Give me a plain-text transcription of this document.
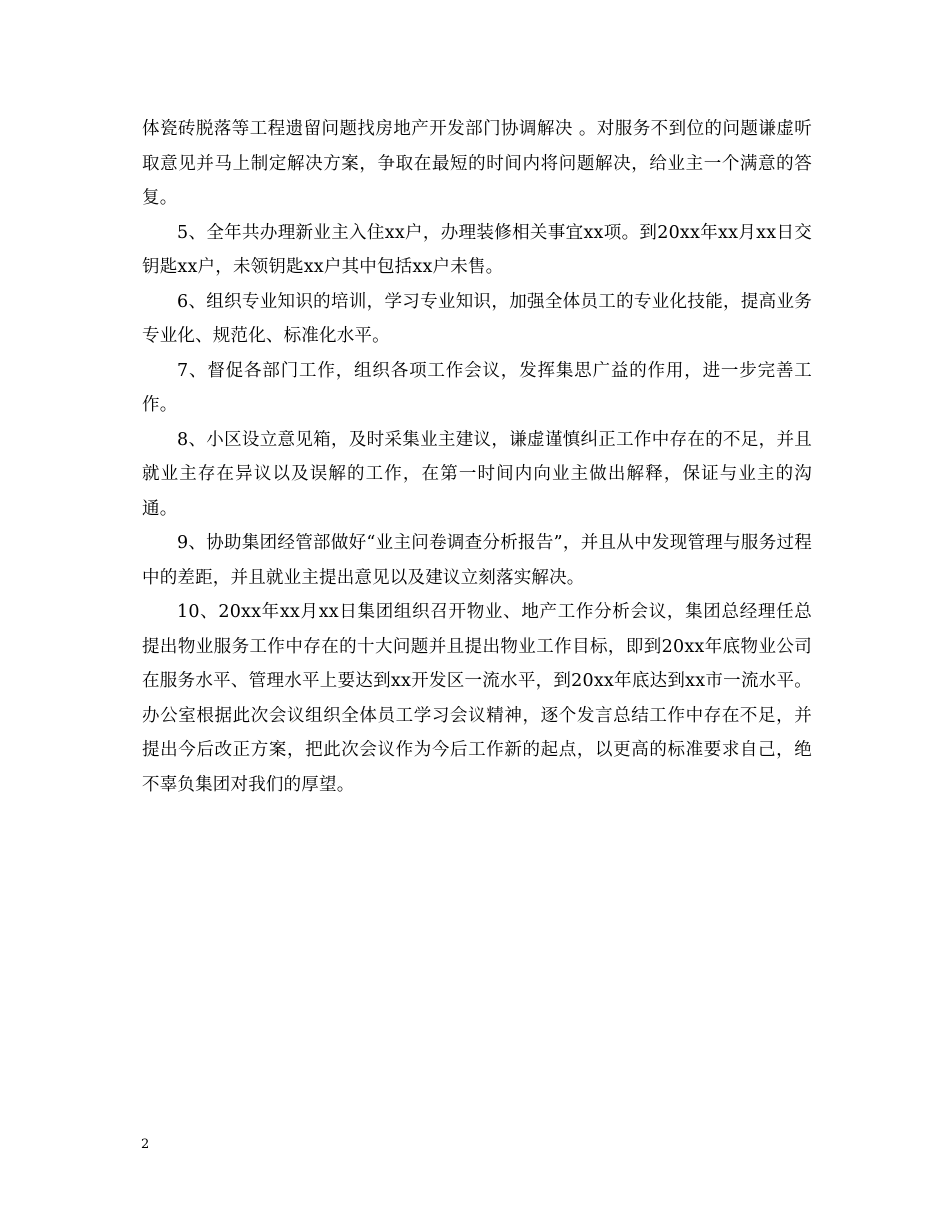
体瓷砖脱落等工程遗留问题找房地产开发部门协调解决 。对服务不到位的问题谦虚听取意见并马上制定解决方案，争取在最短的时间内将问题解决，给业主一个满意的答复。

5、全年共办理新业主入住xx户，办理装修相关事宜xx项。到20xx年xx月xx日交钥匙xx户，未领钥匙xx户其中包括xx户未售。

6、组织专业知识的培训，学习专业知识，加强全体员工的专业化技能，提高业务专业化、规范化、标准化水平。

7、督促各部门工作，组织各项工作会议，发挥集思广益的作用，进一步完善工作。

8、小区设立意见箱，及时采集业主建议，谦虚谨慎纠正工作中存在的不足，并且就业主存在异议以及误解的工作，在第一时间内向业主做出解释，保证与业主的沟通。

9、协助集团经管部做好“业主问卷调查分析报告”，并且从中发现管理与服务过程中的差距，并且就业主提出意见以及建议立刻落实解决。

10、20xx年xx月xx日集团组织召开物业、地产工作分析会议，集团总经理任总提出物业服务工作中存在的十大问题并且提出物业工作目标，即到20xx年底物业公司在服务水平、管理水平上要达到xx开发区一流水平，到20xx年底达到xx市一流水平。办公室根据此次会议组织全体员工学习会议精神，逐个发言总结工作中存在不足，并提出今后改正方案，把此次会议作为今后工作新的起点，以更高的标准要求自己，绝不辜负集团对我们的厚望。

2
